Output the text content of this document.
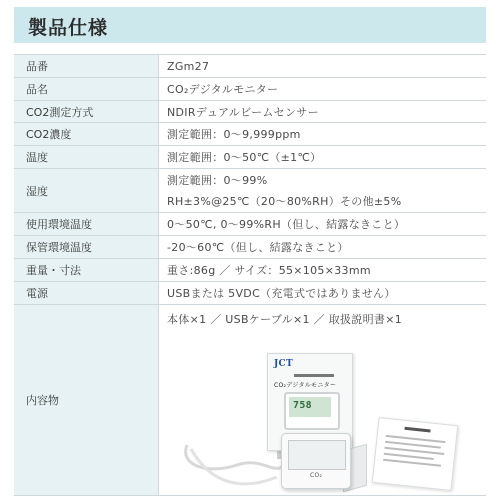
製品仕様
品番	ZGm27
品名	CO₂デジタルモニター
CO2測定方式	NDIRデュアルビームセンサー
CO2濃度	測定範囲：0～9,999ppm
温度	測定範囲：0～50℃（±1℃）
湿度	測定範囲：0～99%
RH±3%@25℃（20～80%RH）その他±5%

使用環境温度	0～50℃, 0～99%RH（但し、結露なきこと）
保管環境温度	-20～60℃（但し、結露なきこと）
重量・寸法	重さ:86g ／ サイズ：55×105×33mm
電源	USBまたは 5VDC（充電式ではありません）
内容物	本体×1 ／ USBケーブル×1 ／ 取扱説明書×1
JCT
CO₂デジタルモニター
758
CO₂
